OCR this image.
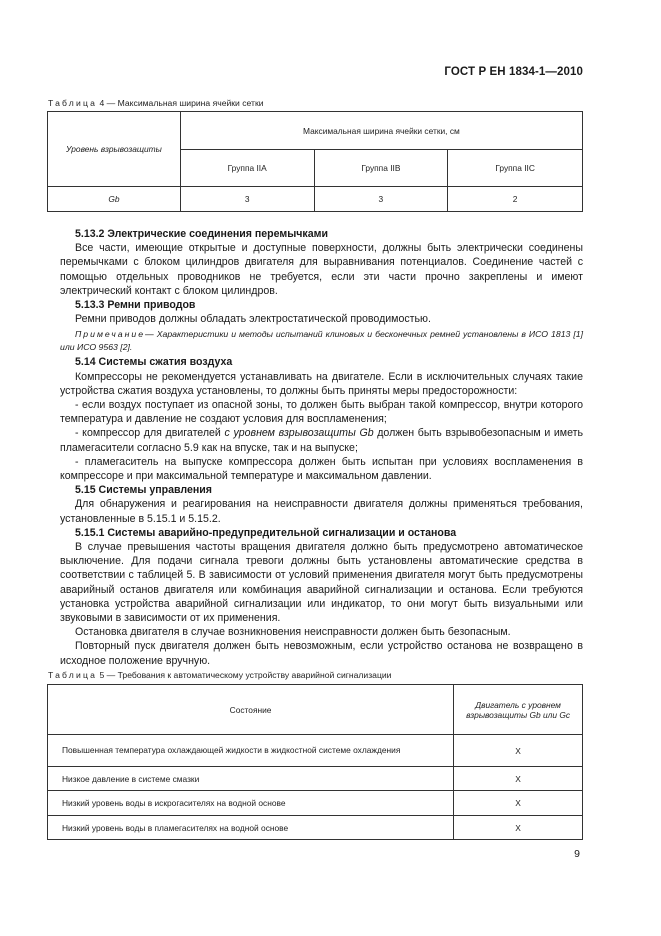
ГОСТ Р ЕН 1834-1—2010
Таблица 4 — Максимальная ширина ячейки сетки
Уровень взрывозащиты	Максимальная ширина ячейки сетки, см		
	Группа IIA	Группа IIB	Группа IIC
Gb	3	3	2

5.13.2 Электрические соединения перемычками

Все части, имеющие открытые и доступные поверхности, должны быть электрически соединены перемычками с блоком цилиндров двигателя для выравнивания потенциалов. Соединение частей с помощью отдельных проводников не требуется, если эти части прочно закреплены и имеют электрический контакт с блоком цилиндров.

5.13.3 Ремни приводов

Ремни приводов должны обладать электростатической проводимостью.

Примечание— Характеристики и методы испытаний клиновых и бесконечных ремней установлены в ИСО 1813 [1] или ИСО 9563 [2].

5.14 Системы сжатия воздуха

Компрессоры не рекомендуется устанавливать на двигателе. Если в исключительных случаях такие устройства сжатия воздуха установлены, то должны быть приняты меры предосторожности:

- если воздух поступает из опасной зоны, то должен быть выбран такой компрессор, внутри которого температура и давление не создают условия для воспламенения;

- компрессор для двигателей с уровнем взрывозащиты Gb должен быть взрывобезопасным и иметь пламегасители согласно 5.9 как на впуске, так и на выпуске;

- пламегаситель на выпуске компрессора должен быть испытан при условиях воспламенения в компрессоре и при максимальной температуре и максимальном давлении.

5.15 Системы управления

Для обнаружения и реагирования на неисправности двигателя должны применяться требования, установленные в 5.15.1 и 5.15.2.

5.15.1 Системы аварийно-предупредительной сигнализации и останова

В случае превышения частоты вращения двигателя должно быть предусмотрено автоматическое выключение. Для подачи сигнала тревоги должны быть установлены автоматические средства в соответствии с таблицей 5. В зависимости от условий применения двигателя могут быть предусмотрены аварийный останов двигателя или комбинация аварийной сигнализации и останова. Если требуются установка устройства аварийной сигнализации или индикатор, то они могут быть визуальными или звуковыми в зависимости от их применения.

Остановка двигателя в случае возникновения неисправности должен быть безопасным.

Повторный пуск двигателя должен быть невозможным, если устройство останова не возвращено в исходное положение вручную.

Таблица 5 — Требования к автоматическому устройству аварийной сигнализации
Состояние	Двигатель с уровнем взрывозащиты Gb или Gc
Повышенная температура охлаждающей жидкости в жидкостной системе охлаждения	X
Низкое давление в системе смазки	X
Низкий уровень воды в искрогасителях на водной основе	X
Низкий уровень воды в пламегасителях на водной основе	X
9
